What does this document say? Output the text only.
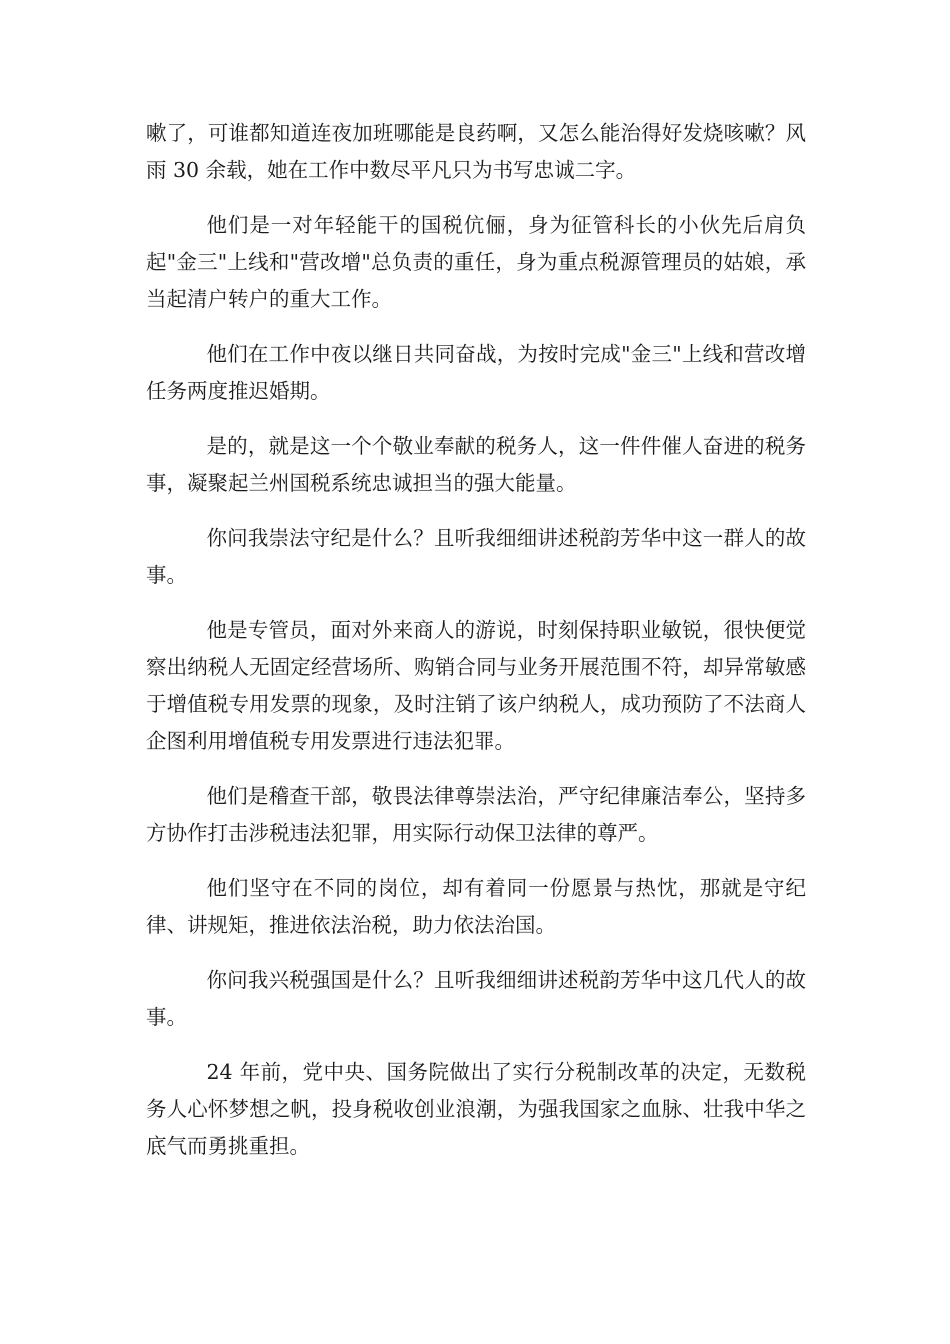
嗽了，可谁都知道连夜加班哪能是良药啊，又怎么能治得好发烧咳嗽？风雨 30 余载，她在工作中数尽平凡只为书写忠诚二字。

他们是一对年轻能干的国税伉俪，身为征管科长的小伙先后肩负起"金三"上线和"营改增"总负责的重任，身为重点税源管理员的姑娘，承当起清户转户的重大工作。

他们在工作中夜以继日共同奋战，为按时完成"金三"上线和营改增任务两度推迟婚期。

是的，就是这一个个敬业奉献的税务人，这一件件催人奋进的税务事，凝聚起兰州国税系统忠诚担当的强大能量。

你问我崇法守纪是什么？且听我细细讲述税韵芳华中这一群人的故事。

他是专管员，面对外来商人的游说，时刻保持职业敏锐，很快便觉察出纳税人无固定经营场所、购销合同与业务开展范围不符，却异常敏感于增值税专用发票的现象，及时注销了该户纳税人，成功预防了不法商人企图利用增值税专用发票进行违法犯罪。

他们是稽查干部，敬畏法律尊崇法治，严守纪律廉洁奉公，坚持多方协作打击涉税违法犯罪，用实际行动保卫法律的尊严。

他们坚守在不同的岗位，却有着同一份愿景与热忱，那就是守纪律、讲规矩，推进依法治税，助力依法治国。

你问我兴税强国是什么？且听我细细讲述税韵芳华中这几代人的故事。

24 年前，党中央、国务院做出了实行分税制改革的决定，无数税务人心怀梦想之帆，投身税收创业浪潮，为强我国家之血脉、壮我中华之底气而勇挑重担。
